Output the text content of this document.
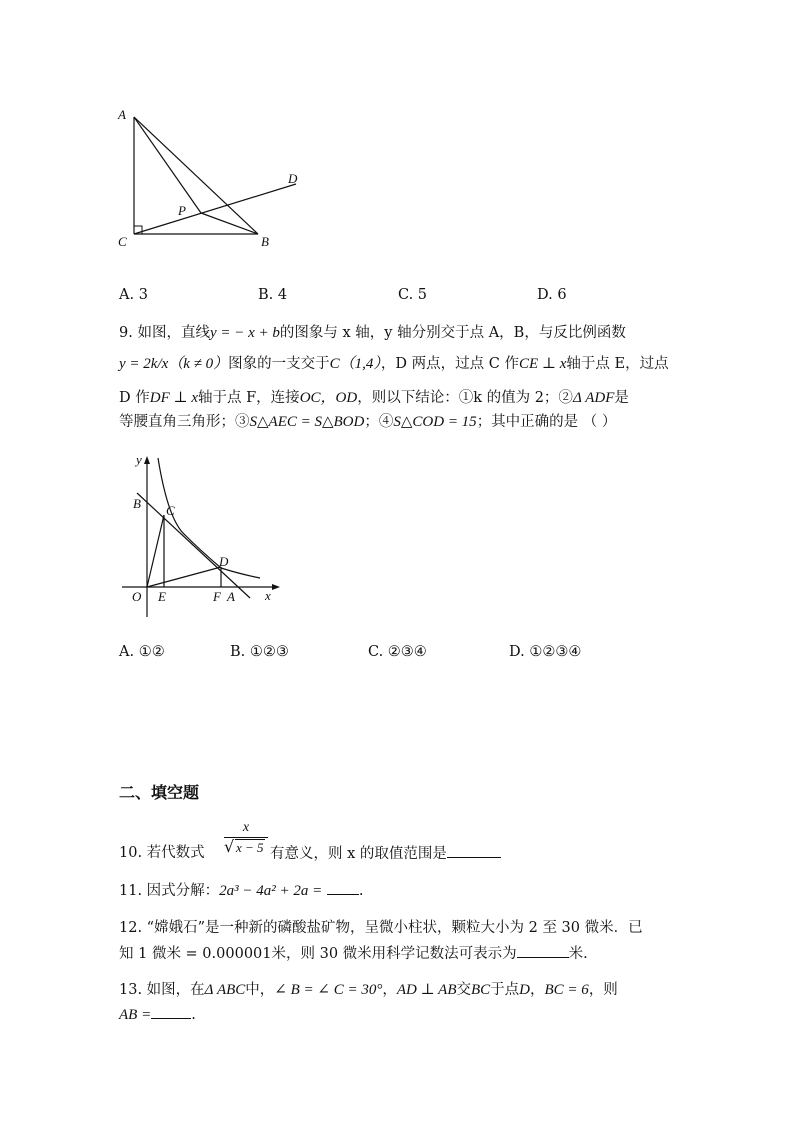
A
C	B
D
P
A. 3	B. 4	C. 5	D. 6
9. 如图，直线y = − x + b的图象与 x 轴，y 轴分别交于点 A，B，与反比例函数
y = 2k/x（k ≠ 0）图象的一支交于C（1,4），D 两点，过点 C 作CE ⊥ x轴于点 E，过点
D 作DF ⊥ x轴于点 F，连接OC，OD，则以下结论：①k 的值为 2；②Δ ADF是
等腰直角三角形；③S△AEC = S△BOD；④S△COD = 15；其中正确的是 （ ）
y
x
B C
D
O E	F A
A. ①②	B. ①②③	C. ②③④	D. ①②③④
二、填空题
10. 若代数式
x
√ x − 5 有意义，则 x 的取值范围是
11. 因式分解：2a³ − 4a² + 2a =	.
12. “嫦娥石”是一种新的磷酸盐矿物，呈微小柱状，颗粒大小为 2 至 30 微米．已
知 1 微米 = 0.000001米，则 30 微米用科学记数法可表示为	米.
13. 如图，在Δ ABC中，∠ B = ∠ C = 30°，AD ⊥ AB交BC于点D，BC = 6，则
AB =	.
